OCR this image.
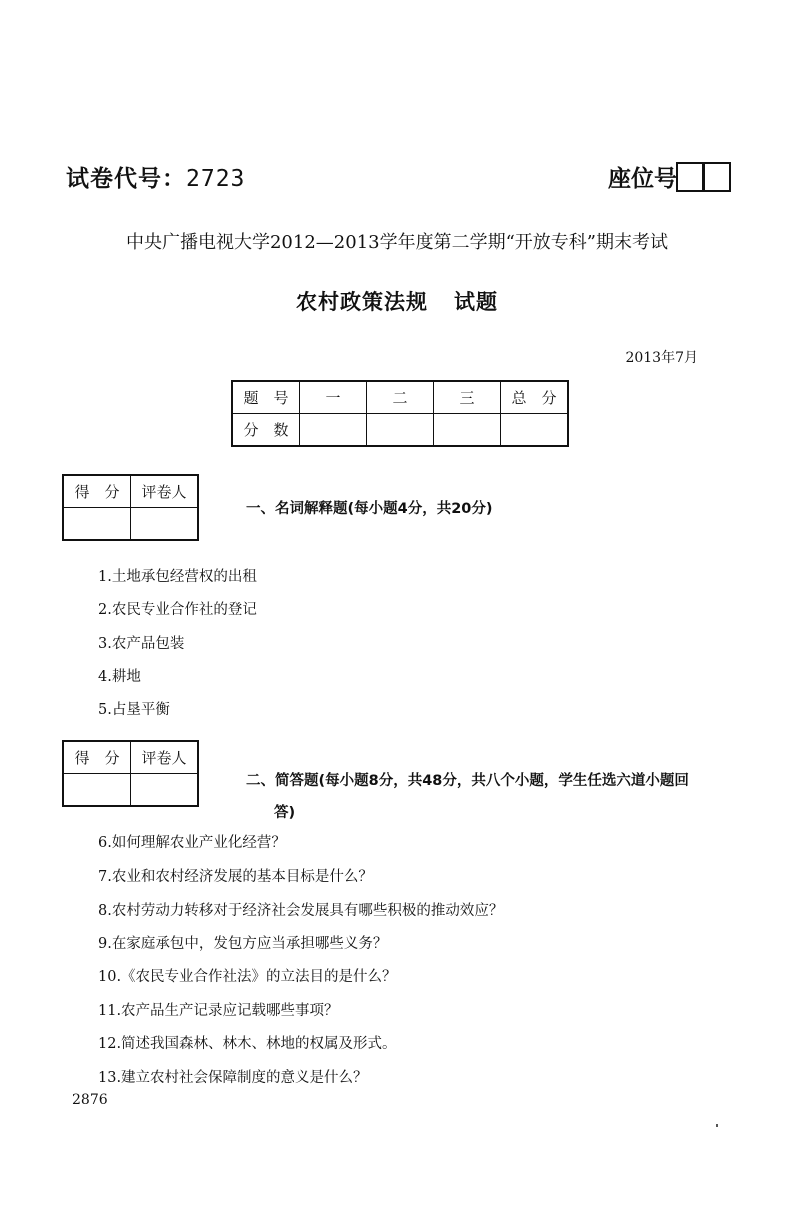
试卷代号：2723	座位号
中央广播电视大学2012—2013学年度第二学期“开放专科”期末考试
农村政策法规 试题
2013年7月
题　号	一	二	三	总　分
分　数				
得　分	评卷人

一、名词解释题(每小题4分，共20分)
1.土地承包经营权的出租
2.农民专业合作社的登记
3.农产品包装
4.耕地
5.占垦平衡
得　分	评卷人

二、简答题(每小题8分，共48分，共八个小题，学生任选六道小题回
答)
6.如何理解农业产业化经营？
7.农业和农村经济发展的基本目标是什么？
8.农村劳动力转移对于经济社会发展具有哪些积极的推动效应？
9.在家庭承包中，发包方应当承担哪些义务？
10.《农民专业合作社法》的立法目的是什么？
11.农产品生产记录应记载哪些事项？
12.简述我国森林、林木、林地的权属及形式。
13.建立农村社会保障制度的意义是什么？
2876
